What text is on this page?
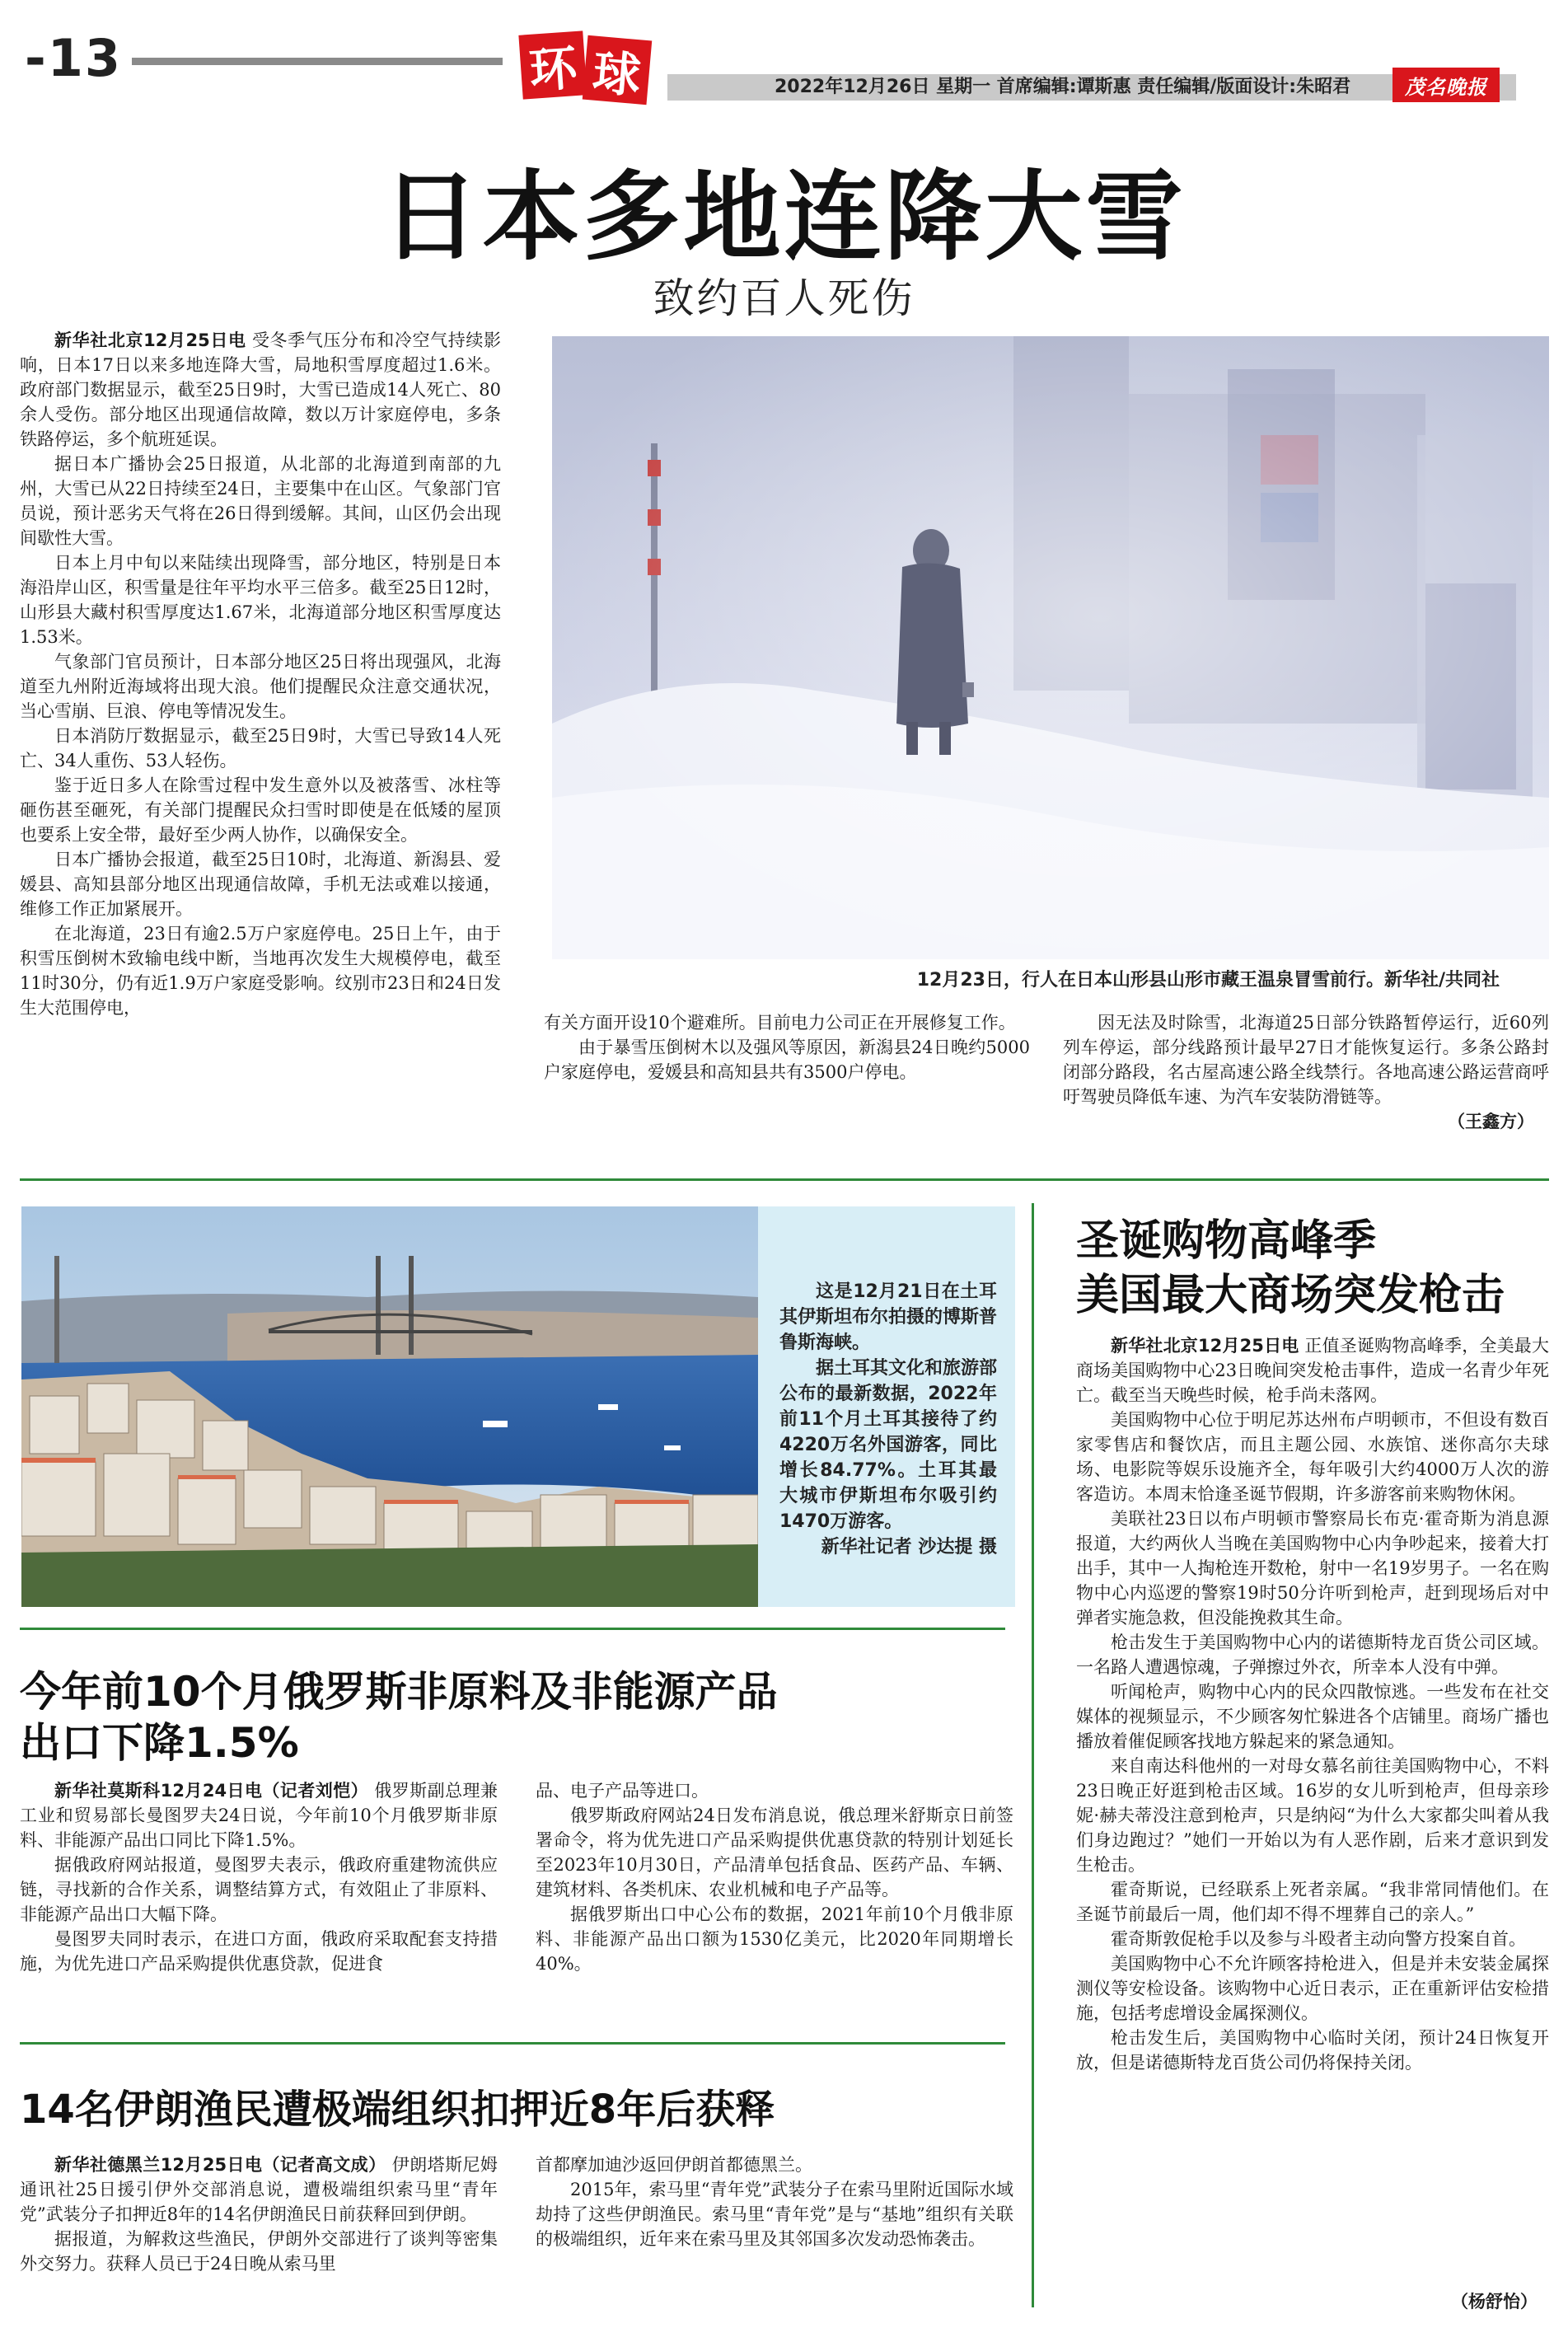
-13	环 球	2022年12月26日 星期一 首席编辑:谭斯惠 责任编辑/版面设计:朱昭君	茂名晚报
日本多地连降大雪
致约百人死伤

新华社北京12月25日电 受冬季气压分布和冷空气持续影响，日本17日以来多地连降大雪，局地积雪厚度超过1.6米。政府部门数据显示，截至25日9时，大雪已造成14人死亡、80余人受伤。部分地区出现通信故障，数以万计家庭停电，多条铁路停运，多个航班延误。

据日本广播协会25日报道，从北部的北海道到南部的九州，大雪已从22日持续至24日，主要集中在山区。气象部门官员说，预计恶劣天气将在26日得到缓解。其间，山区仍会出现间歇性大雪。

日本上月中旬以来陆续出现降雪，部分地区，特别是日本海沿岸山区，积雪量是往年平均水平三倍多。截至25日12时，山形县大藏村积雪厚度达1.67米，北海道部分地区积雪厚度达1.53米。

气象部门官员预计，日本部分地区25日将出现强风，北海道至九州附近海域将出现大浪。他们提醒民众注意交通状况，当心雪崩、巨浪、停电等情况发生。

日本消防厅数据显示，截至25日9时，大雪已导致14人死亡、34人重伤、53人轻伤。

鉴于近日多人在除雪过程中发生意外以及被落雪、冰柱等砸伤甚至砸死，有关部门提醒民众扫雪时即使是在低矮的屋顶也要系上安全带，最好至少两人协作，以确保安全。

日本广播协会报道，截至25日10时，北海道、新潟县、爱媛县、高知县部分地区出现通信故障，手机无法或难以接通，维修工作正加紧展开。

在北海道，23日有逾2.5万户家庭停电。25日上午，由于积雪压倒树木致输电线中断，当地再次发生大规模停电，截至11时30分，仍有近1.9万户家庭受影响。纹别市23日和24日发生大范围停电，

12月23日，行人在日本山形县山形市藏王温泉冒雪前行。新华社/共同社

有关方面开设10个避难所。目前电力公司正在开展修复工作。

由于暴雪压倒树木以及强风等原因，新潟县24日晚约5000户家庭停电，爱媛县和高知县共有3500户停电。

因无法及时除雪，北海道25日部分铁路暂停运行，近60列列车停运，部分线路预计最早27日才能恢复运行。多条公路封闭部分路段，名古屋高速公路全线禁行。各地高速公路运营商呼吁驾驶员降低车速、为汽车安装防滑链等。

（王鑫方）

这是12月21日在土耳其伊斯坦布尔拍摄的博斯普鲁斯海峡。

据土耳其文化和旅游部公布的最新数据，2022年前11个月土耳其接待了约4220万名外国游客，同比增长84.77%。土耳其最大城市伊斯坦布尔吸引约1470万游客。

新华社记者 沙达提 摄

今年前10个月俄罗斯非原料及非能源产品
出口下降1.5%

新华社莫斯科12月24日电（记者刘恺） 俄罗斯副总理兼工业和贸易部长曼图罗夫24日说，今年前10个月俄罗斯非原料、非能源产品出口同比下降1.5%。

据俄政府网站报道，曼图罗夫表示，俄政府重建物流供应链，寻找新的合作关系，调整结算方式，有效阻止了非原料、非能源产品出口大幅下降。

曼图罗夫同时表示，在进口方面，俄政府采取配套支持措施，为优先进口产品采购提供优惠贷款，促进食

品、电子产品等进口。

俄罗斯政府网站24日发布消息说，俄总理米舒斯京日前签署命令，将为优先进口产品采购提供优惠贷款的特别计划延长至2023年10月30日，产品清单包括食品、医药产品、车辆、建筑材料、各类机床、农业机械和电子产品等。

据俄罗斯出口中心公布的数据，2021年前10个月俄非原料、非能源产品出口额为1530亿美元，比2020年同期增长40%。

14名伊朗渔民遭极端组织扣押近8年后获释

新华社德黑兰12月25日电（记者高文成） 伊朗塔斯尼姆通讯社25日援引伊外交部消息说，遭极端组织索马里“青年党”武装分子扣押近8年的14名伊朗渔民日前获释回到伊朗。

据报道，为解救这些渔民，伊朗外交部进行了谈判等密集外交努力。获释人员已于24日晚从索马里

首都摩加迪沙返回伊朗首都德黑兰。

2015年，索马里“青年党”武装分子在索马里附近国际水域劫持了这些伊朗渔民。索马里“青年党”是与“基地”组织有关联的极端组织，近年来在索马里及其邻国多次发动恐怖袭击。

圣诞购物高峰季
美国最大商场突发枪击

新华社北京12月25日电 正值圣诞购物高峰季，全美最大商场美国购物中心23日晚间突发枪击事件，造成一名青少年死亡。截至当天晚些时候，枪手尚未落网。

美国购物中心位于明尼苏达州布卢明顿市，不但设有数百家零售店和餐饮店，而且主题公园、水族馆、迷你高尔夫球场、电影院等娱乐设施齐全，每年吸引大约4000万人次的游客造访。本周末恰逢圣诞节假期，许多游客前来购物休闲。

美联社23日以布卢明顿市警察局长布克·霍奇斯为消息源报道，大约两伙人当晚在美国购物中心内争吵起来，接着大打出手，其中一人掏枪连开数枪，射中一名19岁男子。一名在购物中心内巡逻的警察19时50分许听到枪声，赶到现场后对中弹者实施急救，但没能挽救其生命。

枪击发生于美国购物中心内的诺德斯特龙百货公司区域。一名路人遭遇惊魂，子弹擦过外衣，所幸本人没有中弹。

听闻枪声，购物中心内的民众四散惊逃。一些发布在社交媒体的视频显示，不少顾客匆忙躲进各个店铺里。商场广播也播放着催促顾客找地方躲起来的紧急通知。

来自南达科他州的一对母女慕名前往美国购物中心，不料23日晚正好逛到枪击区域。16岁的女儿听到枪声，但母亲珍妮·赫夫蒂没注意到枪声，只是纳闷“为什么大家都尖叫着从我们身边跑过？”她们一开始以为有人恶作剧，后来才意识到发生枪击。

霍奇斯说，已经联系上死者亲属。“我非常同情他们。在圣诞节前最后一周，他们却不得不埋葬自己的亲人。”

霍奇斯敦促枪手以及参与斗殴者主动向警方投案自首。

美国购物中心不允许顾客持枪进入，但是并未安装金属探测仪等安检设备。该购物中心近日表示，正在重新评估安检措施，包括考虑增设金属探测仪。

枪击发生后，美国购物中心临时关闭，预计24日恢复开放，但是诺德斯特龙百货公司仍将保持关闭。

（杨舒怡）
